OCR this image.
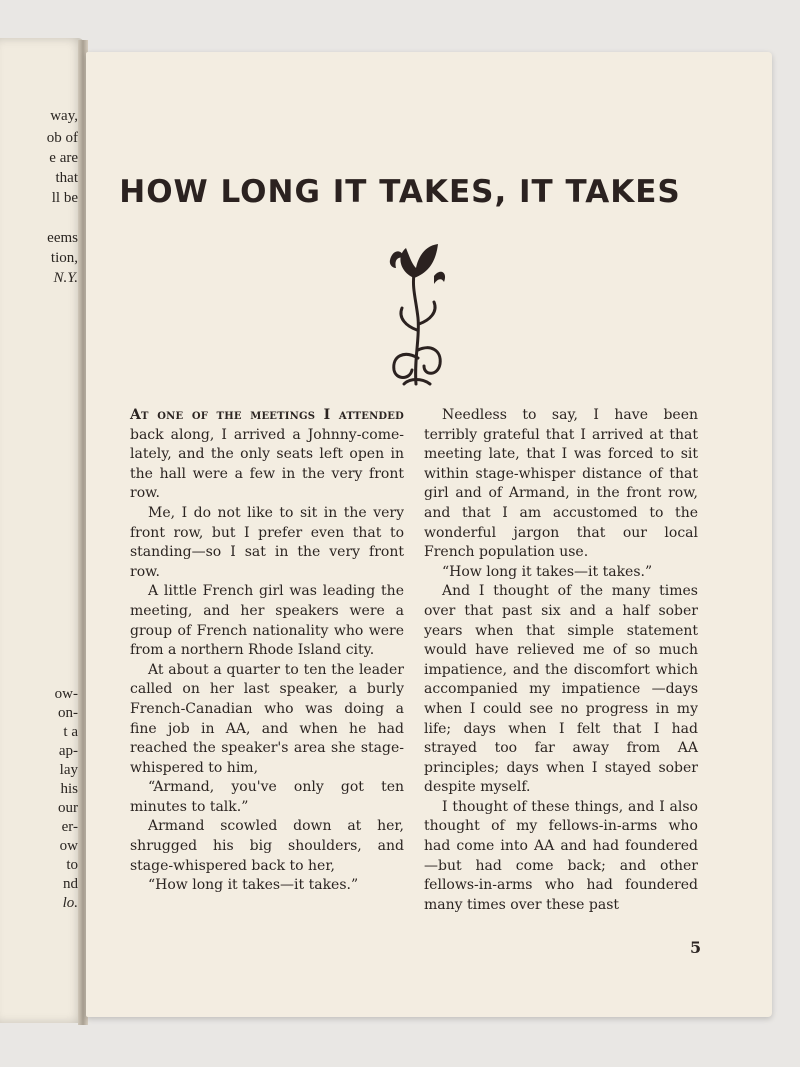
way,

ob of

e are

that

ll be

eems

tion,

N.Y.

ow-

on-

t a

ap-

lay

his

our

er-

ow

to

nd

lo.

HOW LONG IT TAKES, IT TAKES

At one of the meetings I attended back along, I arrived a Johnny-come-lately, and the only seats left open in the hall were a few in the very front row.

Me, I do not like to sit in the very front row, but I prefer even that to standing—so I sat in the very front row.

A little French girl was leading the meeting, and her speakers were a group of French nationality who were from a northern Rhode Island city.

At about a quarter to ten the leader called on her last speaker, a burly French-Canadian who was doing a fine job in AA, and when he had reached the speaker's area she stage-whispered to him,

“Armand, you've only got ten minutes to talk.”

Armand scowled down at her, shrugged his big shoulders, and stage-whispered back to her,

“How long it takes—it takes.”

Needless to say, I have been terribly grateful that I arrived at that meeting late, that I was forced to sit within stage-whisper distance of that girl and of Armand, in the front row, and that I am accustomed to the wonderful jargon that our local French population use.

“How long it takes—it takes.”

And I thought of the many times over that past six and a half sober years when that simple statement would have relieved me of so much impatience, and the discomfort which accompanied my impatience —days when I could see no progress in my life; days when I felt that I had strayed too far away from AA principles; days when I stayed sober despite myself.

I thought of these things, and I also thought of my fellows-in-arms who had come into AA and had foundered—but had come back; and other fellows-in-arms who had foundered many times over these past

5
